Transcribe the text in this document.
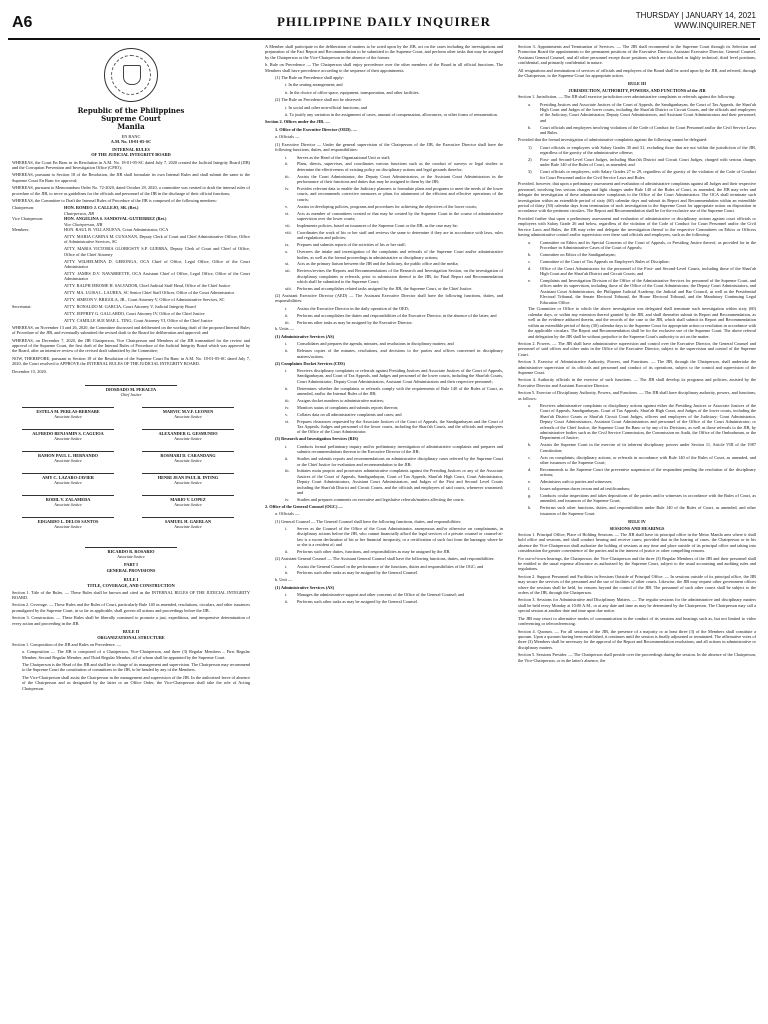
A6	PHILIPPINE DAILY INQUIRER	THURSDAY | JANUARY 14, 2021
WWW.INQUIRER.NET
Republic of the Philippines
Supreme Court
Manila
EN BANC
A.M. No. 18-01-05-SC
INTERNAL RULES
OF THE JUDICIAL INTEGRITY BOARD

WHEREAS, the Court En Banc in its Resolution in A.M. No. 18-01-05-SC dated July 7, 2020 created the Judicial Integrity Board (JIB) and the Corruption Prevention and Investigation Office (CPIO);

WHEREAS, pursuant to Section 18 of the Resolution, the JIB shall formulate its own Internal Rules and shall submit the same to the Supreme Court En Banc for approval;

WHEREAS, pursuant to Memorandum Order No. 72-2020, dated October 29, 2020, a committee was created to draft the internal rules of procedure of the JIB, to serve as guidelines for the officials and personnel of the JIB in the discharge of their official functions;

WHEREAS, the Committee to Draft the Internal Rules of Procedure of the JIB is composed of the following members:

Chairperson:	HON. ROMEO J. CALLEJO, SR. (Ret.)
Chairperson, JIB
Vice Chairperson:	HON. ANGELINA S. SANDOVAL-GUTIERREZ (Ret.)
Vice Chairperson, JIB
Members:	HON. RAUL B. VILLANUEVA, Court Administrator, OCA
ATTY. MARIA CARINA M. CUNANAN, Deputy Clerk of Court and Chief Administrative Officer, Office of Administrative Services, SC
ATTY. MARIA VICTORIA GLORIOSTY S.P. GUERRA, Deputy Clerk of Court and Chief of Office, Office of the Chief Attorney
ATTY. WILHELMINA D. GERONGA, OCA Chief of Office, Legal Office, Office of the Court Administrator
ATTY. JAMES D.V. NAVARRETTE, OCA Assistant Chief of Office, Legal Office, Office of the Court Administrator
ATTY. RALPH JEROME H. SALVADOR, Chief Judicial Staff Head, Office of the Chief Justice
ATTY. MA. LUISA L. LAUREA, SC Senior Chief Staff Officer, Office of the Court Administrator
ATTY. SIMEON V. BRIGOLA, JR., Court Attorney V, Office of Administrative Services, SC
Secretariat:	ATTY. RONALDO M. GARCIA, Court Attorney V, Judicial Integrity Board
ATTY. JEFFREY G. GALLARDO, Court Attorney IV, Office of the Chief Justice
ATTY. CAMILLE SUE MAE L. TING, Court Attorney VI, Office of the Chief Justice

WHEREAS, on November 13 and 26, 2020, the Committee discussed and deliberated on the working draft of the proposed Internal Rules of Procedure of the JIB, and eventually submitted the revised draft to the Board for deliberation and approval; and

WHEREAS, on December 7, 2020, the JIB Chairperson, Vice Chairperson and Members of the JIB transmitted for the review and approval of the Supreme Court, the first draft of the Internal Rules of Procedure of the Judicial Integrity Board which was approved by the Board, after an intensive review of the revised draft submitted by the Committee;

NOW, THEREFORE, pursuant to Section 18 of the Resolution of the Supreme Court En Banc in A.M. No. 18-01-05-SC dated July 7, 2020, the Court resolved to APPROVE the INTERNAL RULES OF THE JUDICIAL INTEGRITY BOARD.

December 15, 2020.

DIOSDADO M. PERALTA
Chief Justice
ESTELA M. PERLAS-BERNABE
Associate Justice
MARVIC M.V.F. LEONEN
Associate Justice
ALFREDO BENJAMIN S. CAGUIOA
Associate Justice
ALEXANDER G. GESMUNDO
Associate Justice
RAMON PAUL L. HERNANDO
Associate Justice
ROSMARI D. CARANDANG
Associate Justice
AMY C. LAZARO-JAVIER
Associate Justice
HENRI JEAN PAUL B. INTING
Associate Justice
RODIL V. ZALAMEDA
Associate Justice
MARIO V. LOPEZ
Associate Justice
EDGARDO L. DELOS SANTOS
Associate Justice
SAMUEL H. GAERLAN
Associate Justice
RICARDO R. ROSARIO
Associate Justice
PART I
GENERAL PROVISIONS
RULE I
TITLE, COVERAGE, AND CONSTRUCTION

Section 1. Title of the Rules. — These Rules shall be known and cited as the INTERNAL RULES OF THE JUDICIAL INTEGRITY BOARD.

Section 2. Coverage. — These Rules and the Rules of Court, particularly Rule 140 as amended, resolutions, circulars, and other issuances promulgated by the Supreme Court, in so far as applicable, shall govern all actions and proceedings before the JIB.

Section 3. Construction. — These Rules shall be liberally construed to promote a just, expeditious, and inexpensive determination of every action and proceeding in the JIB.

RULE II
ORGANIZATIONAL STRUCTURE

Section 1. Composition of the JIB and Rules on Precedence. —

a. Composition — The JIB is composed of a Chairperson, Vice-Chairperson, and three (3) Regular Members – First Regular Member, Second Regular Member, and Third Regular Member, all of whom shall be appointed by the Supreme Court.

The Chairperson is the Head of the JIB and shall be in charge of its management and supervision. The Chairperson may recommend to the Supreme Court the constitution of committees in the JIB, to be headed by any of the Members.

The Vice-Chairperson shall assist the Chairperson in the management and supervision of the JIB. In the authorized leave of absence of the Chairperson and as designated by the latter or an Office Order, the Vice-Chairperson shall take the role of Acting Chairperson.

A Member shall participate in the deliberation of matters to be acted upon by the JIB, act on the cases including the investigations and preparation of the Fact Report and Recommendation to be submitted to the Supreme Court, and perform other tasks that may be assigned by the Chairperson or the Vice-Chairperson in the absence of the former.

b. Rule on Precedence — The Chairperson shall enjoy precedence over the other members of the Board in all official functions. The Members shall have precedence according to the sequence of their appointments.

(1) The Rule on Precedence shall apply:

i. In the seating arrangement; and

ii. In the choice of office space, equipment, transportation, and other facilities.

(2) The Rule on Precedence shall not be observed:

i. In social and other non-official functions; and

ii. To justify any variation in the assignment of cases, amount of compensation, allowances, or other forms of remuneration.

Section 2. Offices under the JIB. —

1. Office of the Executive Director (OED). —

a. Officials —

(1) Executive Director — Under the general supervision of the Chairperson of the JIB, the Executive Director shall have the following functions, duties, and responsibilities:

i.	Serves as the Head of the Organizational Unit or staff;
ii.	Plans, directs, supervises, and coordinates various functions such as the conduct of surveys or legal studies to determine the effectiveness of existing policy on disciplinary actions and legal grounds therefor;
iii.	Assists the Court Administrator, the Deputy Court Administrators, or the Assistant Court Administrators in the performance of their functions and duties that may be assigned to them by the JIB;
iv.	Provides relevant data to enable the Judiciary planners to formulate plans and programs to meet the needs of the lower courts, and recommends corrective measures or plans for attainment of the efficient and effective operations of the courts;
v.	Assists in developing policies, programs and procedures for achieving the objectives of the lower courts;
vi.	Acts as member of committees created or that may be created by the Supreme Court in the course of administrative supervision over the lower courts;
vii.	Implements policies, based on issuances of the Supreme Court or the JIB, as the case may be;
viii.	Coordinates the work of his or her staff and reviews the same to determine if they are in accordance with laws, rules and regulations and policies;
ix.	Prepares and submits reports of the activities of his or her staff;
x.	Oversees the intake and investigation of the complaints and referrals of the Supreme Court and/or administrative bodies, as well as the formal proceedings in administrative or disciplinary actions;
xi.	Acts as the primary liaison between the JIB and the Judiciary, the public office and the media;
xii.	Reviews/revises the Reports and Recommendations of the Research and Investigation Section, on the investigation of disciplinary complaints or referrals, prior to submission thereof to the JIB, for Final Report and Recommendation which shall be submitted to the Supreme Court;
xiii.	Performs and accomplishes related tasks assigned by the JIB, the Supreme Court, or the Chief Justice.

(2) Assistant Executive Director (AED) — The Assistant Executive Director shall have the following functions, duties, and responsibilities:

i.	Assists the Executive Director in the daily operation of the OED;
ii.	Performs and accomplishes the duties and responsibilities of the Executive Director, in the absence of the latter; and
iii.	Performs other tasks as may be assigned by the Executive Director.

b. Units —

(1) Administrative Services (AS)

i.	Consolidates and prepares the agenda, minutes, and resolutions in disciplinary matters; and
ii.	Releases copies of the minutes, resolutions, and decisions to the parties and offices concerned in disciplinary matters/actions.

(2) Complaints Docket Services (CDS)

i.	Receives disciplinary complaints or referrals against Presiding Justices and Associate Justices of the Court of Appeals, Sandiganbayan, and Court of Tax Appeals, and Judges and personnel of the lower courts, including the Shari'ah Courts, Court Administrator, Deputy Court Administrators, Assistant Court Administrators and their respective personnel;
ii.	Determines whether the complaints or referrals comply with the requirements of Rule 140 of the Rules of Court, as amended, and/or the Internal Rules of the JIB;
iii.	Assigns docket numbers to administrative matters;
iv.	Monitors status of complaints and submits reports thereon;
v.	Collates data on all administrative complaints and cases; and
vi.	Prepares clearances requested by the Associate Justices of the Court of Appeals, the Sandiganbayan and the Court of Tax Appeals, Judges and personnel of the lower courts, including the Shari'ah Courts, and the officials and employees of the Office of the Court Administrator.

(3) Research and Investigation Services (RIS)

i.	Conducts formal preliminary inquiry and/or preliminary investigation of administrative complaints and prepares and submits recommendations thereon to the Executive Director of the JIB;
ii.	Studies and submits reports and recommendations on administrative disciplinary cases referred by the Supreme Court or the Chief Justice for evaluation and recommendation to the JIB;
iii.	Initiates motu proprio and prosecutes administrative complaints against the Presiding Justices or any of the Associate Justices of the Court of Appeals, Sandiganbayan, Court of Tax Appeals, Shari'ah High Court, Court Administrator, Deputy Court Administrators, Assistant Court Administrators, and Judges of the First and Second Level Courts including the Shari'ah District and Circuit Courts, and the officials and employees of said courts, whenever warranted; and
iv.	Studies and prepares comments on executive and legislative referrals/matters affecting the courts.

2. Office of the General Counsel (OGC) —

a. Officials —

(1) General Counsel — The General Counsel shall have the following functions, duties, and responsibilities:

i.	Serves as the Counsel of the Office of the Court Administrator, anonymous and/or otherwise on complainants, in disciplinary actions before the JIB, who cannot financially afford the legal services of a private counsel or counsel-at-law is a sworn declaration of his or her financial incapacity, or a certification of such fact from the barangay where he or she is a resident of; and
ii.	Performs such other duties, functions, and responsibilities as may be assigned by the JIB.

(2) Assistant General Counsel — The Assistant General Counsel shall have the following functions, duties, and responsibilities:

i.	Assists the General Counsel in the performance of the functions, duties and responsibilities of the OGC; and
ii.	Performs such other tasks as may be assigned by the General Counsel.

b. Unit —

(1) Administrative Services (AS)

i.	Manages the administrative support and other concerns of the Office of the General Counsel; and
ii.	Performs such other tasks as may be assigned by the General Counsel.

Section 3. Appointments and Termination of Services. — The JIB shall recommend to the Supreme Court through its Selection and Promotion Board the appointments to the permanent positions of the Executive Director, Assistant Executive Director, General Counsel, Assistant General Counsel, and all other personnel except those positions which are classified as highly technical, third level positions, confidential, and primarily confidential in nature.

All resignations and terminations of services of officials and employees of the Board shall be acted upon by the JIB, and referred, through the Chairperson, to the Supreme Court for appropriate action.

RULE III
JURISDICTION, AUTHORITY, POWERS, AND FUNCTIONS of the JIB

Section 1. Jurisdiction. — The JIB shall exercise jurisdiction over administrative complaints or referrals against the following:

a.	Presiding Justices and Associate Justices of the Court of Appeals, the Sandiganbayan, the Court of Tax Appeals, the Shari'ah High Court and Judges of the lower courts, including the Shari'ah District or Circuit Courts, and the officials and employees of the Judiciary, Court Administrator, Deputy Court Administrators, and Assistant Court Administrators and their personnel; and
b.	Court officials and employees involving violations of the Code of Conduct for Court Personnel and/or the Civil Service Laws and Rules.

Provided that the formal investigation of administrative complaints against the following cannot be delegated:

1)	Court officials or employees with Salary Grades 30 and 31, excluding those that are not within the jurisdiction of the JIB, regardless of the gravity of the administrative offense;
2)	First- and Second-Level Court Judges, including Shari'ah District and Circuit Court Judges, charged with serious charges under Rule 140 of the Rules of Court, as amended; and
3)	Court officials or employees, with Salary Grades 27 to 29, regardless of the gravity of the violation of the Code of Conduct for Court Personnel and/or the Civil Service Laws and Rules.

Provided, however, that upon a preliminary assessment and evaluation of administrative complaints against all Judges and their respective personnel, involving less serious charges and light charges under Rule 140 of the Rules of Court, as amended, the JIB may refer and delegate the investigation of these administrative complaints to the Office of the Court Administrator. The OCA shall terminate such investigation within an extendible period of sixty (60) calendar days and submit its Report and Recommendation within an extendible period of thirty (30) calendar days from termination of such investigation to the Supreme Court for appropriate action on disposition in accordance with the pertinent circulars. The Report and Recommendation shall be for the exclusive use of the Supreme Court.

Provided further that upon a preliminary assessment and evaluation of administrative or disciplinary actions against court officials or employees with Salary Grade 26 and below, regardless of the violation of the Code of Conduct for Court Personnel and/or the Civil Service Laws and Rules, the JIB may refer and delegate the investigation thereof to the respective Committees on Ethics or Officers having administrative control and/or supervision over these said officials and employees, such as the following:

a.	Committee on Ethics and its Special Concerns of the Court of Appeals, or Presiding Justice thereof, as provided for in the Procedure in Administrative Cases of the Court of Appeals;
b.	Committee on Ethics of the Sandiganbayan;
c.	Committee of the Court of Tax Appeals on Employee's Rules of Discipline;
d.	Office of the Court Administrator for the personnel of the First- and Second-Level Courts, including those of the Shari'ah High Court and the Shari'ah District and Circuit Courts; and
e.	Complaints and Investigation Division of the Office of the Administrative Services for personnel of the Supreme Court, and offices under its supervision, including those of the Office of the Court Administrator, the Deputy Court Administrators, and Assistant Court Administrators, the Philippine Judicial Academy, the Judicial and Bar Council, as well as the Presidential Electoral Tribunal, the Senate Electoral Tribunal, the House Electoral Tribunal, and the Mandatory Continuing Legal Education Office.

The Committee or Office to which the above investigation was delegated shall terminate such investigation within sixty (60) calendar days, or within any extension thereof granted by the JIB, and shall thereafter submit its Report and Recommendation, as well as the evidence adduced therein, and the records of the case to the JIB, which shall submit its Report and Recommendation within an extendible period of thirty (30) calendar days to the Supreme Court for appropriate action or resolution in accordance with the applicable circulars. The Report and Recommendation shall be for the exclusive use of the Supreme Court. The above referral and delegation by the JIB shall be without prejudice to the Supreme Court's authority to act on the matter.

Section 2. Powers. — The JIB shall have administrative supervision and control over the Executive Director, the General Counsel and personnel of said offices and other units in the Office of the Executive Director, subject to the supervision and control of the Supreme Court.

Section 3. Exercise of Administrative Authority, Powers, and Functions. — The JIB, through the Chairperson, shall undertake the administrative supervision of its officials and personnel and conduct of its operations, subject to the control and supervision of the Supreme Court.

Section 4. Authority officials in the exercise of such functions. — The JIB shall develop its programs and policies, assisted by the Executive Director and Assistant Executive Director.

Section 5. Exercise of Disciplinary Authority, Powers, and Functions. — The JIB shall have disciplinary authority, powers, and functions, as follows:

a.	Receives administrative complaints or disciplinary actions against either the Presiding Justices or Associate Justices of the Court of Appeals, Sandiganbayan, Court of Tax Appeals, Shari'ah High Court, and Judges of the lower courts, including the Shari'ah District Courts or Shari'ah Circuit Court Judges, officers and employees of the Judiciary; Court Administrator, Deputy Court Administrators, Assistant Court Administrators and personnel of the Office of the Court Administrator; or referrals of the Chief Justice, the Supreme Court En Banc or by any of its Divisions, as well as those referrals to the JIB, by administrative bodies such as the Civil Service Commission, the Commission on Audit, the Office of the Ombudsman, or the Department of Justice;
b.	Assists the Supreme Court in the exercise of its inherent disciplinary powers under Section 11, Article VIII of the 1987 Constitution;
c.	Acts on complaints, disciplinary actions, or referrals in accordance with Rule 140 of the Rules of Court, as amended, and other issuances of the Supreme Court;
d.	Recommends to the Supreme Court the preventive suspension of the respondent pending the resolution of the disciplinary actions;
e.	Administers oath to parties and witnesses;
f.	Issues subpoenas duces tecum and ad testificandum;
g.	Conducts ocular inspections and takes depositions of the parties and/or witnesses in accordance with the Rules of Court, as amended, and issuances of the Supreme Court;
h.	Performs such other functions, duties, and responsibilities under Rule 140 of the Rules of Court, as amended, and other issuances of the Supreme Court.
RULE IV
SESSIONS AND HEARINGS

Section 1. Principal Office; Place of Holding Sessions. — The JIB shall have its principal office in the Metro Manila area where it shall hold office and sessions, and shall conduct hearing and receive cases; provided that in the hearing of cases, the Chairperson or in his absence the Vice-Chairperson shall authorize the holding of sessions at any time and place outside of its principal office and taking into consideration the greater convenience of the parties and in the interest of justice or other compelling reasons.

For out-of-town hearings, the Chairperson, the Vice-Chairperson and the three (3) Regular Members of the JIB and their personnel shall be entitled to the usual expense allowance as authorized by the Supreme Court, subject to the usual accounting and auditing rules and regulations.

Section 2. Support Personnel and Facilities in Sessions Outside of Principal Office. — In sessions outside of its principal office, the JIB may secure the services of the personnel and the use of facilities of other courts. Likewise, the JIB may request other government offices where the sessions shall be held, for reasons beyond the control of the JIB. The personnel of such other courts shall be subject to the orders of the JIB, through the Chairperson.

Section 3. Sessions for Administrative and Disciplinary Matters. — The regular sessions for the administrative and disciplinary matters shall be held every Monday at 10:00 A.M., or at any date and time as may be determined by the Chairperson. The Chairperson may call a special session at another date and time upon due notice.

The JIB may resort to alternative modes of communication in the conduct of its sessions and hearings such as, but not limited to video conferencing or teleconferencing.

Section 4. Quorum. — For all sessions of the JIB, the presence of a majority or at least three (3) of the Members shall constitute a quorum. Upon a quorum having been established, it continues until the session is finally adjourned or terminated. The affirmative votes of three (3) Members shall be necessary for the approval of the Report and Recommendation resolutions, and all actions in administrative or disciplinary matters.

Section 5. Sessions Presider. — The Chairperson shall preside over the proceedings during the session. In the absence of the Chairperson, the Vice-Chairperson, or in the latter's absence, the
